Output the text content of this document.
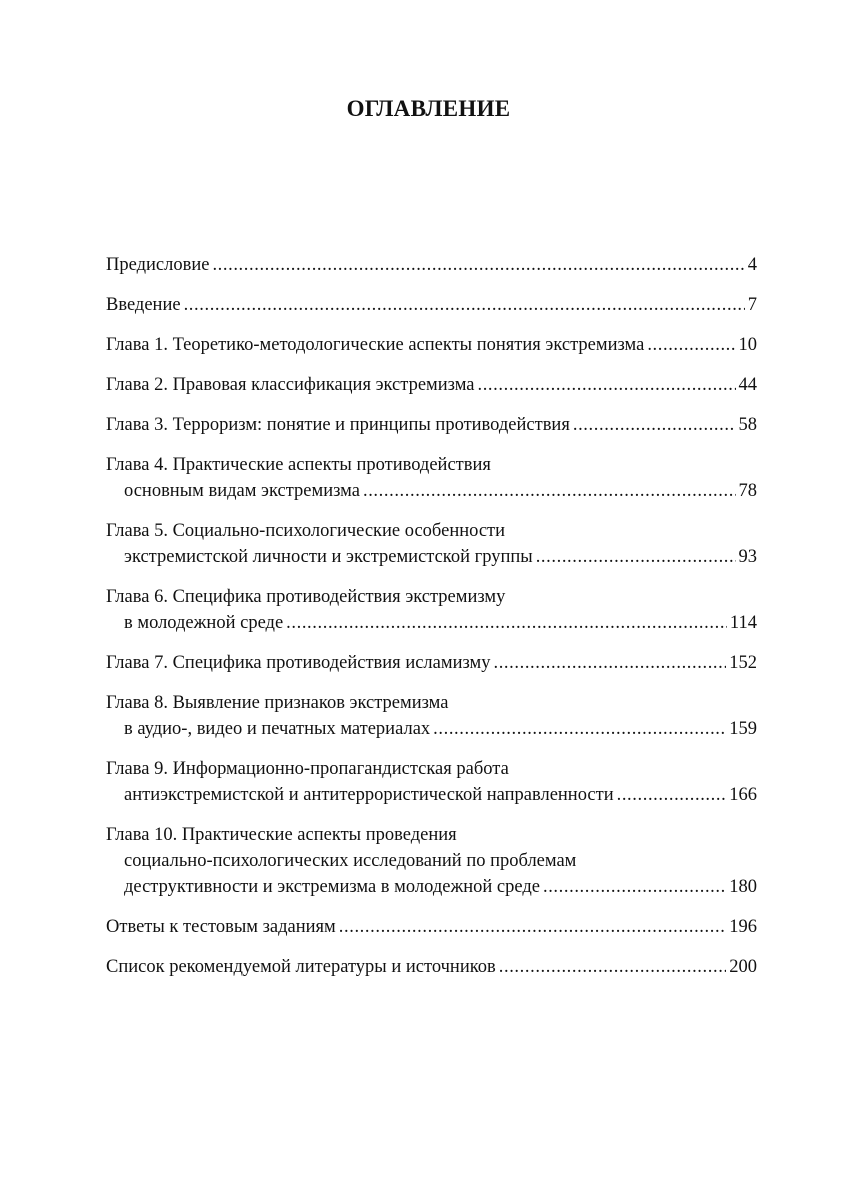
ОГЛАВЛЕНИЕ
Предисловие .....	4
Введение .....	7
Глава 1. Теоретико-методологические аспекты понятия экстремизма .....	10
Глава 2. Правовая классификация экстремизма .....	44
Глава 3. Терроризм: понятие и принципы противодействия .....	58
Глава 4. Практические аспекты противодействия
основным видам экстремизма .....	78
Глава 5. Социально-психологические особенности
экстремистской личности и экстремистской группы .....	93
Глава 6. Специфика противодействия экстремизму
в молодежной среде .....	114
Глава 7. Специфика противодействия исламизму .....	152
Глава 8. Выявление признаков экстремизма
в аудио-, видео и печатных материалах .....	159
Глава 9. Информационно-пропагандистская работа
антиэкстремистской и антитеррористической направленности .....	166
Глава 10. Практические аспекты проведения
социально-психологических исследований по проблемам
деструктивности и экстремизма в молодежной среде .....	180
Ответы к тестовым заданиям .....	196
Список рекомендуемой литературы и источников .....	200
